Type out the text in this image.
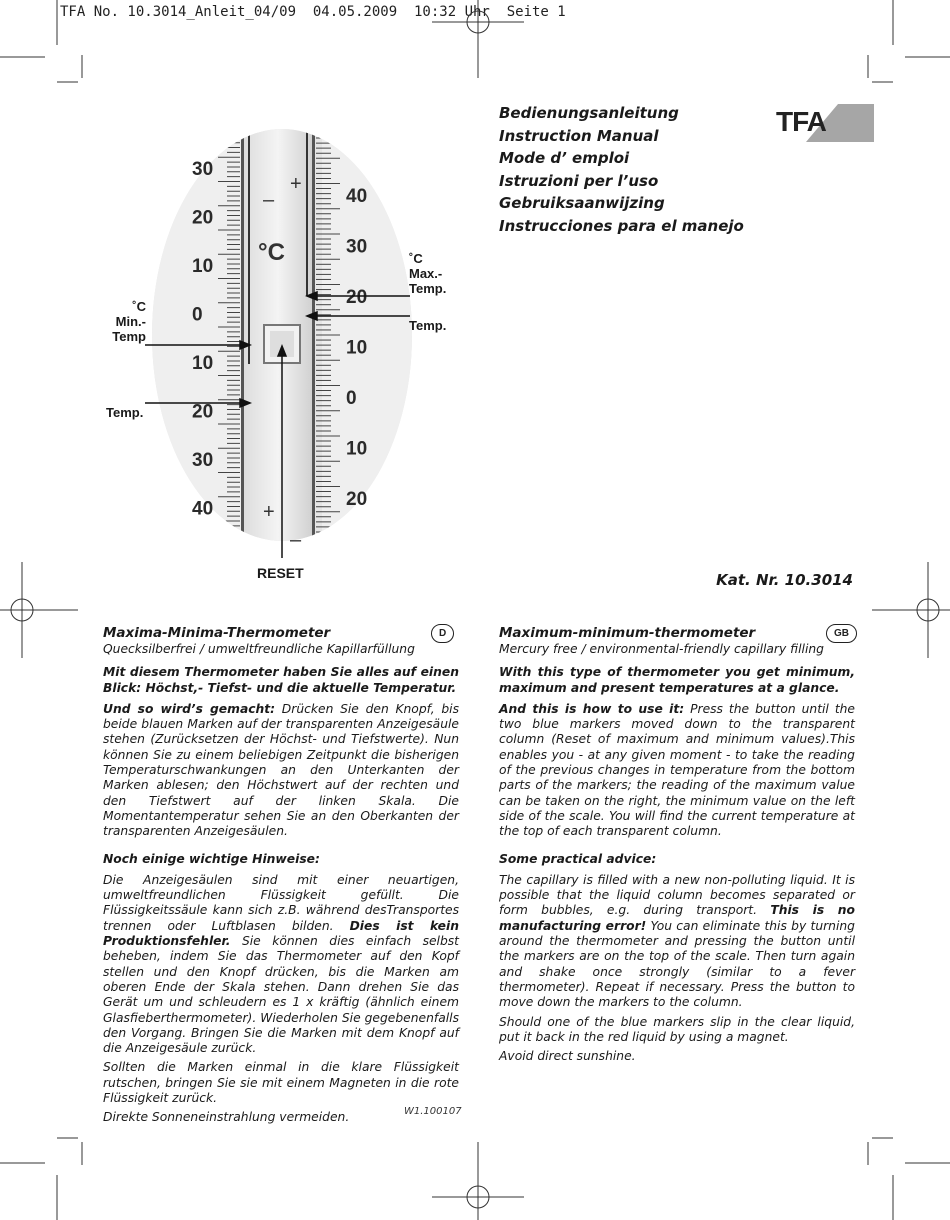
TFA No. 10.3014_Anleit_04/09  04.05.2009  10:32 Uhr  Seite 1
Bedienungsanleitung
Instruction Manual
Mode d’ emploi
Istruzioni per l’uso
Gebruiksaanwijzing
Instrucciones para el manejo
TFA
°C
+
–
+
–
30
20
10
0
10
20
30
40
40
30
20
10
0
10
20
˚C
Min.-
Temp
Temp.
˚C
Max.-
Temp.
Temp.
RESET	Kat. Nr. 10.3014
D

Maxima-Minima-Thermometer

Quecksilberfrei / umweltfreundliche Kapillarfüllung

Mit diesem Thermometer haben Sie alles auf einen Blick: Höchst,- Tiefst- und die aktuelle Temperatur.

Und so wird’s gemacht: Drücken Sie den Knopf, bis beide blauen Marken auf der transparenten Anzeigesäule stehen (Zurücksetzen der Höchst- und Tiefstwerte). Nun können Sie zu einem beliebigen Zeitpunkt die bisherigen Temperaturschwankungen an den Unterkanten der Marken ablesen; den Höchstwert auf der rechten und den Tiefstwert auf der linken Skala. Die Momentantemperatur sehen Sie an den Oberkanten der transparenten Anzeigesäulen.

Noch einige wichtige Hinweise:

Die Anzeigesäulen sind mit einer neuartigen, umweltfreundlichen Flüssigkeit gefüllt. Die Flüssigkeitssäule kann sich z.B. während desTransportes trennen oder Luftblasen bilden. Dies ist kein Produktionsfehler. Sie können dies einfach selbst beheben, indem Sie das Thermometer auf den Kopf stellen und den Knopf drücken, bis die Marken am oberen Ende der Skala stehen. Dann drehen Sie das Gerät um und schleudern es 1 x kräftig (ähnlich einem Glasfieberthermometer). Wiederholen Sie gegebenenfalls den Vorgang. Bringen Sie die Marken mit dem Knopf auf die Anzeigesäule zurück.

Sollten die Marken einmal in die klare Flüssigkeit rutschen, bringen Sie sie mit einem Magneten in die rote Flüssigkeit zurück.

Direkte Sonneneinstrahlung vermeiden.	W1.100107
GB

Maximum-minimum-thermometer

Mercury free / environmental-friendly capillary filling

With this type of thermometer you get minimum, maximum and present temperatures at a glance.

And this is how to use it: Press the button until the two blue markers moved down to the transparent column (Reset of maximum and minimum values).This enables you - at any given moment - to take the reading of the previous changes in temperature from the bottom parts of the markers; the reading of the maximum value can be taken on the right, the minimum value on the left side of the scale. You will find the current temperature at the top of each transparent column.

Some practical advice:

The capillary is filled with a new non-polluting liquid. It is possible that the liquid column becomes separated or form bubbles, e.g. during transport. This is no manufacturing error! You can eliminate this by turning around the thermometer and pressing the button until the markers are on the top of the scale. Then turn again and shake once strongly (similar to a fever thermometer). Repeat if necessary. Press the button to move down the markers to the column.

Should one of the blue markers slip in the clear liquid, put it back in the red liquid by using a magnet.

Avoid direct sunshine.
